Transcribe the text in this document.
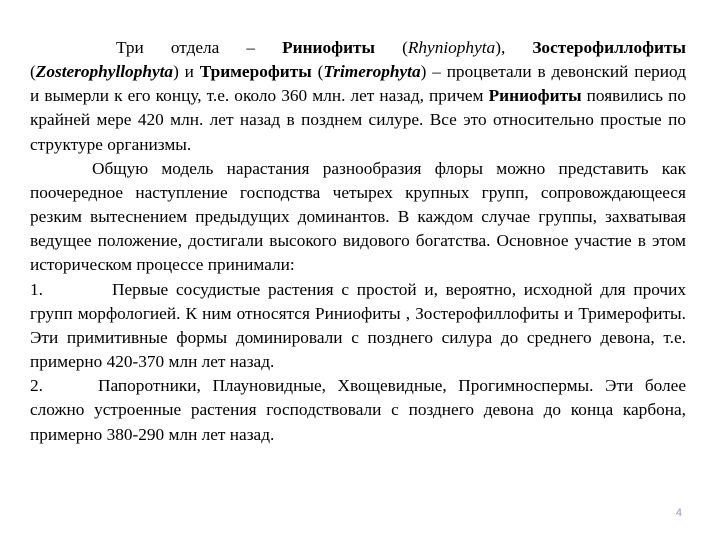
Три отдела – Риниофиты (Rhyniophyta), Зостерофиллофиты (Zosterophyllophyta) и Тримерофиты (Trimerophyta) – процветали в девонский период и вымерли к его концу, т.е. около 360 млн. лет назад, причем Риниофиты появились по крайней мере 420 млн. лет назад в позднем силуре. Все это относительно простые по структуре организмы.

Общую модель нарастания разнообразия флоры можно представить как поочередное наступление господства четырех крупных групп, сопровождающееся резким вытеснением предыдущих доминантов. В каждом случае группы, захватывая ведущее положение, достигали высокого видового богатства. Основное участие в этом историческом процессе принимали:

1.	Первые сосудистые растения с простой и, вероятно, исходной для прочих групп морфологией. К ним относятся Риниофиты , Зостерофиллофиты и Тримерофиты. Эти примитивные формы доминировали с позднего силура до среднего девона, т.е. примерно 420-370 млн лет назад.

2.	Папоротники, Плауновидные, Хвощевидные, Прогимноспермы. Эти более сложно устроенные растения господствовали с позднего девона до конца карбона, примерно 380-290 млн лет назад.

4
